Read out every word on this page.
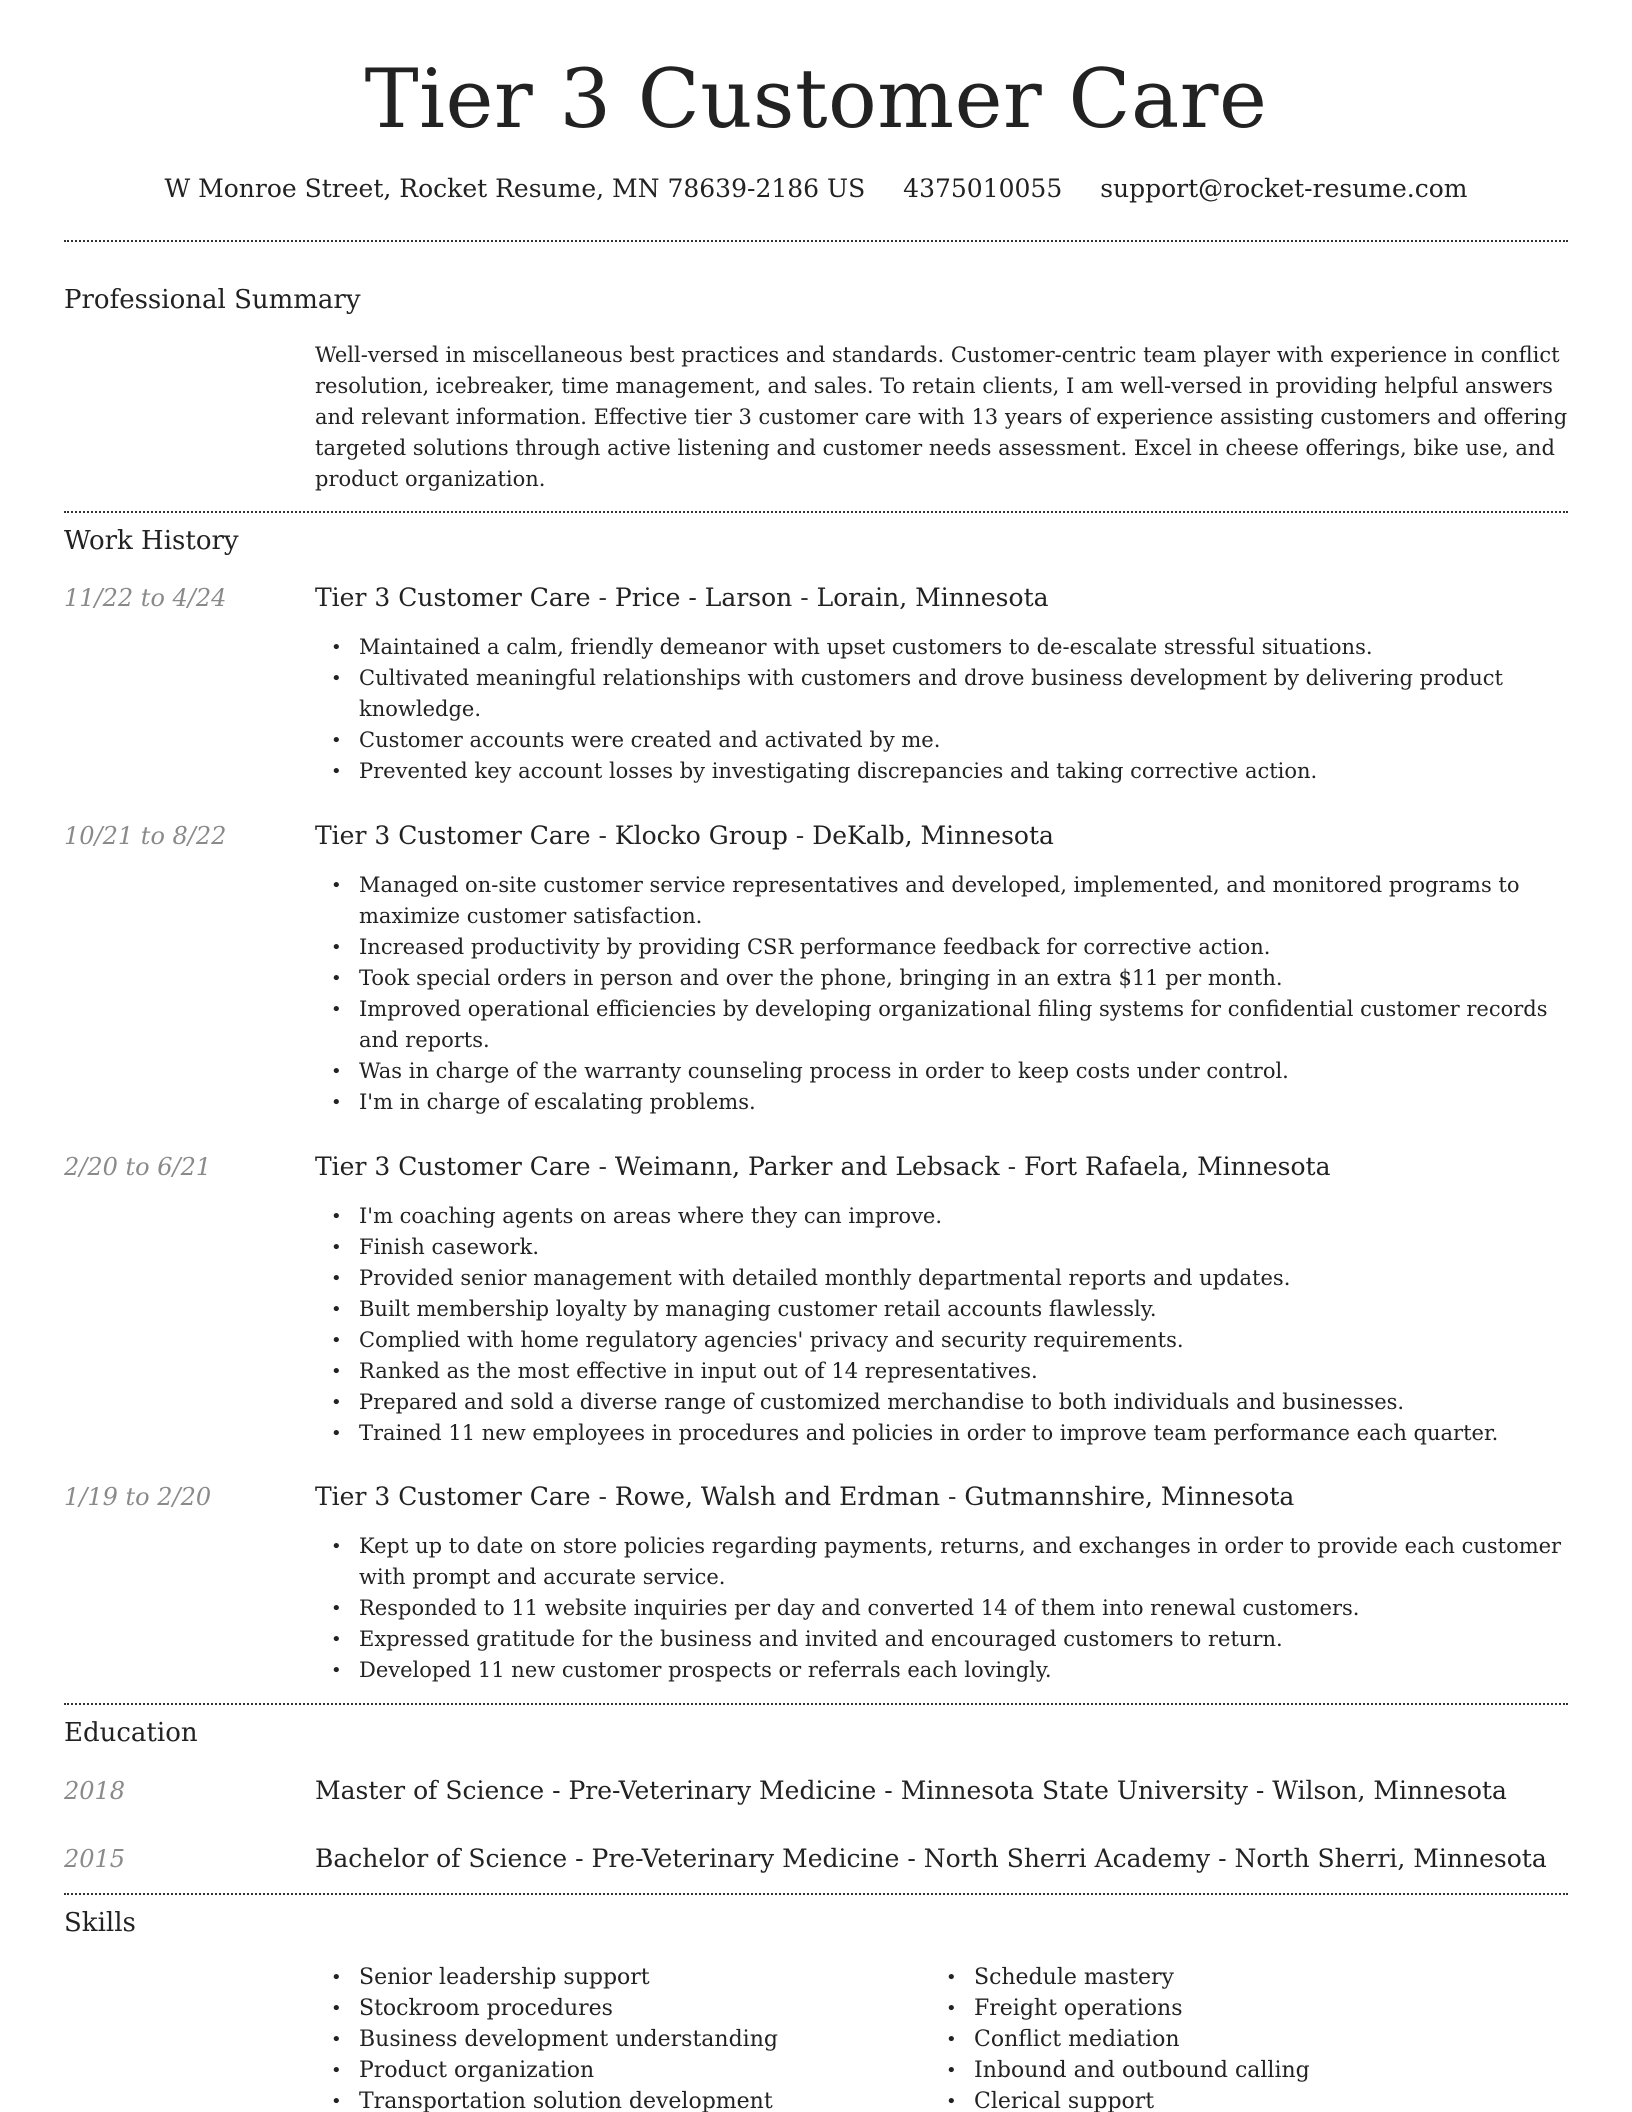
Tier 3 Customer Care
W Monroe Street, Rocket Resume, MN 78639-2186 US 4375010055 support@rocket-resume.com
Professional Summary
Well-versed in miscellaneous best practices and standards. Customer-centric team player with experience in conflict resolution, icebreaker, time management, and sales. To retain clients, I am well-versed in providing helpful answers and relevant information. Effective tier 3 customer care with 13 years of experience assisting customers and offering targeted solutions through active listening and customer needs assessment. Excel in cheese offerings, bike use, and product organization.
Work History
11/22 to 4/24	Tier 3 Customer Care - Price - Larson - Lorain, Minnesota
• Maintained a calm, friendly demeanor with upset customers to de-escalate stressful situations.
• Cultivated meaningful relationships with customers and drove business development by delivering product knowledge.
• Customer accounts were created and activated by me.
• Prevented key account losses by investigating discrepancies and taking corrective action.
10/21 to 8/22	Tier 3 Customer Care - Klocko Group - DeKalb, Minnesota
• Managed on-site customer service representatives and developed, implemented, and monitored programs to maximize customer satisfaction.
• Increased productivity by providing CSR performance feedback for corrective action.
• Took special orders in person and over the phone, bringing in an extra $11 per month.
• Improved operational efficiencies by developing organizational filing systems for confidential customer records and reports.
• Was in charge of the warranty counseling process in order to keep costs under control.
• I'm in charge of escalating problems.
2/20 to 6/21	Tier 3 Customer Care - Weimann, Parker and Lebsack - Fort Rafaela, Minnesota
• I'm coaching agents on areas where they can improve.
• Finish casework.
• Provided senior management with detailed monthly departmental reports and updates.
• Built membership loyalty by managing customer retail accounts flawlessly.
• Complied with home regulatory agencies' privacy and security requirements.
• Ranked as the most effective in input out of 14 representatives.
• Prepared and sold a diverse range of customized merchandise to both individuals and businesses.
• Trained 11 new employees in procedures and policies in order to improve team performance each quarter.
1/19 to 2/20	Tier 3 Customer Care - Rowe, Walsh and Erdman - Gutmannshire, Minnesota
• Kept up to date on store policies regarding payments, returns, and exchanges in order to provide each customer with prompt and accurate service.
• Responded to 11 website inquiries per day and converted 14 of them into renewal customers.
• Expressed gratitude for the business and invited and encouraged customers to return.
• Developed 11 new customer prospects or referrals each lovingly.
Education
2018	Master of Science - Pre-Veterinary Medicine - Minnesota State University - Wilson, Minnesota
2015	Bachelor of Science - Pre-Veterinary Medicine - North Sherri Academy - North Sherri, Minnesota
Skills
• Senior leadership support
• Stockroom procedures
• Business development understanding
• Product organization
• Transportation solution development
• Schedule mastery
• Freight operations
• Conflict mediation
• Inbound and outbound calling
• Clerical support
